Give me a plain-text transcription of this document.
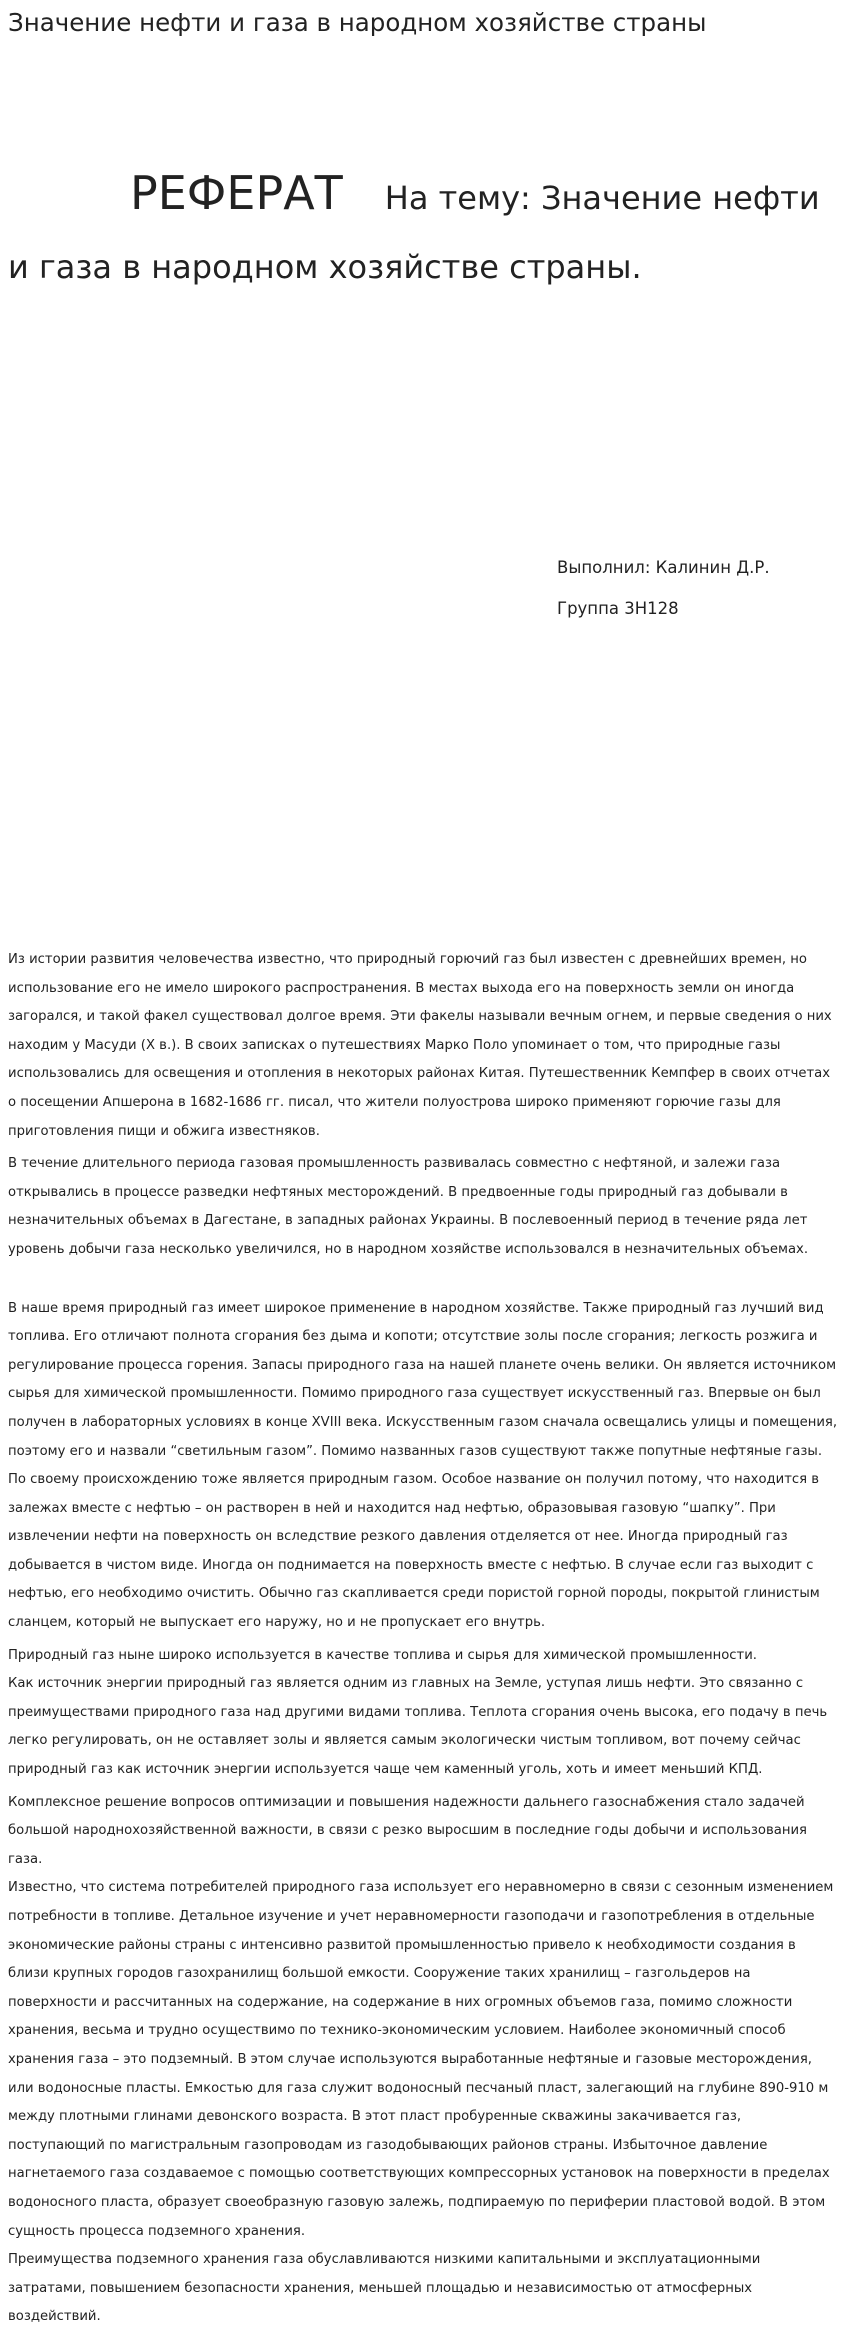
Значение нефти и газа в народном хозяйстве страны
РЕФЕРАТ На тему: Значение нефти и газа в народном хозяйстве страны.
Выполнил: Калинин Д.Р.
Группа 3Н128

Из истории развития человечества известно, что природный горючий газ был известен с древнейших времен, но использование его не имело широкого распространения. В местах выхода его на поверхность земли он иногда загорался, и такой факел существовал долгое время. Эти факелы называли вечным огнем, и первые сведения о них находим у Масуди (X в.). В своих записках о путешествиях Марко Поло упоминает о том, что природные газы использовались для освещения и отопления в некоторых районах Китая. Путешественник Кемпфер в своих отчетах о посещении Апшерона в 1682-1686 гг. писал, что жители полуострова широко применяют горючие газы для приготовления пищи и обжига известняков.

В течение длительного периода газовая промышленность развивалась совместно с нефтяной, и залежи газа открывались в процессе разведки нефтяных месторождений. В предвоенные годы природный газ добывали в незначительных объемах в Дагестане, в западных районах Украины. В послевоенный период в течение ряда лет уровень добычи газа несколько увеличился, но в народном хозяйстве использовался в незначительных объемах.

В наше время природный газ имеет широкое применение в народном хозяйстве. Также природный газ лучший вид топлива. Его отличают полнота сгорания без дыма и копоти; отсутствие золы после сгорания; легкость розжига и регулирование процесса горения. Запасы природного газа на нашей планете очень велики. Он является источником сырья для химической промышленности. Помимо природного газа существует искусственный газ. Впервые он был получен в лабораторных условиях в конце XVIII века. Искусственным газом сначала освещались улицы и помещения, поэтому его и назвали “светильным газом”. Помимо названных газов существуют также попутные нефтяные газы. По своему происхождению тоже является природным газом. Особое название он получил потому, что находится в залежах вместе с нефтью – он растворен в ней и находится над нефтью, образовывая газовую “шапку”. При извлечении нефти на поверхность он вследствие резкого давления отделяется от нее. Иногда природный газ добывается в чистом виде. Иногда он поднимается на поверхность вместе с нефтью. В случае если газ выходит с нефтью, его необходимо очистить. Обычно газ скапливается среди пористой горной породы, покрытой глинистым сланцем, который не выпускает его наружу, но и не пропускает его внутрь.

Природный газ ныне широко используется в качестве топлива и сырья для химической промышленности.

Как источник энергии природный газ является одним из главных на Земле, уступая лишь нефти. Это связанно с преимуществами природного газа над другими видами топлива. Теплота сгорания очень высока, его подачу в печь легко регулировать, он не оставляет золы и является самым экологически чистым топливом, вот почему сейчас природный газ как источник энергии используется чаще чем каменный уголь, хоть и имеет меньший КПД.

Комплексное решение вопросов оптимизации и повышения надежности дальнего газоснабжения стало задачей большой народнохозяйственной важности, в связи с резко выросшим в последние годы добычи и использования газа.

Известно, что система потребителей природного газа использует его неравномерно в связи с сезонным изменением потребности в топливе. Детальное изучение и учет неравномерности газоподачи и газопотребления в отдельные экономические районы страны с интенсивно развитой промышленностью привело к необходимости создания в близи крупных городов газохранилищ большой емкости. Сооружение таких хранилищ – газгольдеров на поверхности и рассчитанных на содержание, на содержание в них огромных объемов газа, помимо сложности хранения, весьма и трудно осуществимо по технико-экономическим условием. Наиболее экономичный способ хранения газа – это подземный. В этом случае используются выработанные нефтяные и газовые месторождения, или водоносные пласты. Емкостью для газа служит водоносный песчаный пласт, залегающий на глубине 890-910 м между плотными глинами девонского возраста. В этот пласт пробуренные скважины закачивается газ, поступающий по магистральным газопроводам из газодобывающих районов страны. Избыточное давление нагнетаемого газа создаваемое с помощью соответствующих компрессорных установок на поверхности в пределах водоносного пласта, образует своеобразную газовую залежь, подпираемую по периферии пластовой водой. В этом сущность процесса подземного хранения.

Преимущества подземного хранения газа обуславливаются низкими капитальными и эксплуатационными затратами, повышением безопасности хранения, меньшей площадью и независимостью от атмосферных воздействий.
